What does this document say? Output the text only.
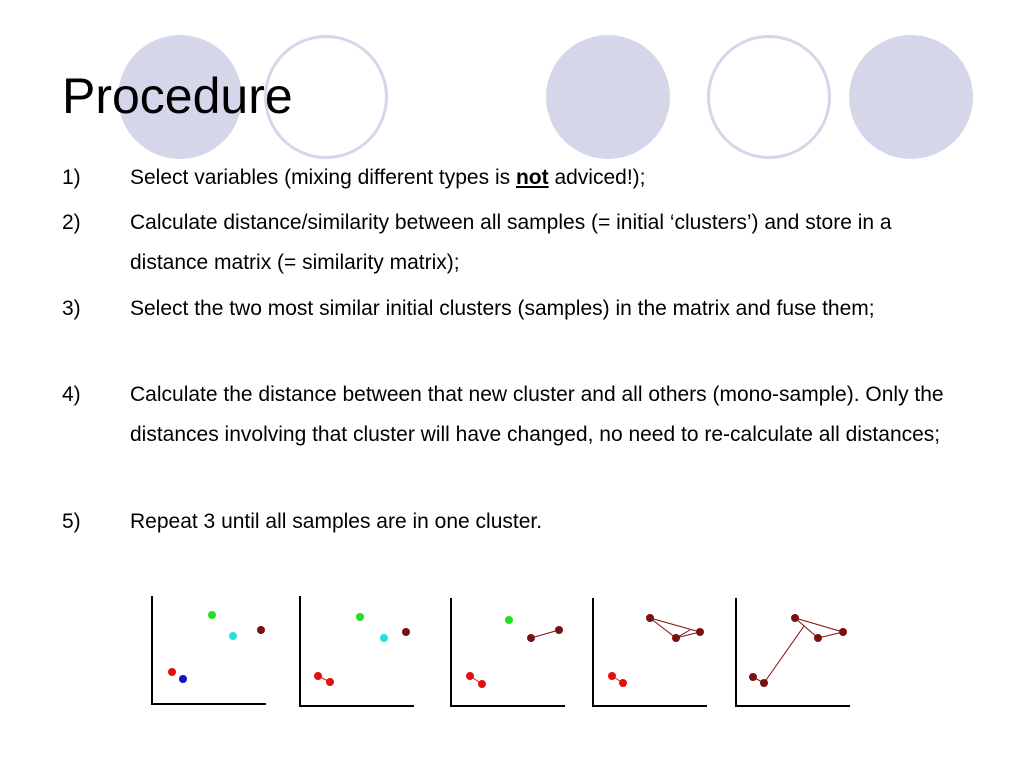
Procedure
1) Select variables (mixing different types is not adviced!);
2) Calculate distance/similarity between all samples (= initial ‘clusters’) and store in a distance matrix (= similarity matrix);
3) Select the two most similar initial clusters (samples) in the matrix and fuse them;
4) Calculate the distance between that new cluster and all others (mono-sample). Only the distances involving that cluster will have changed, no need to re-calculate all distances;
5) Repeat 3 until all samples are in one cluster.
